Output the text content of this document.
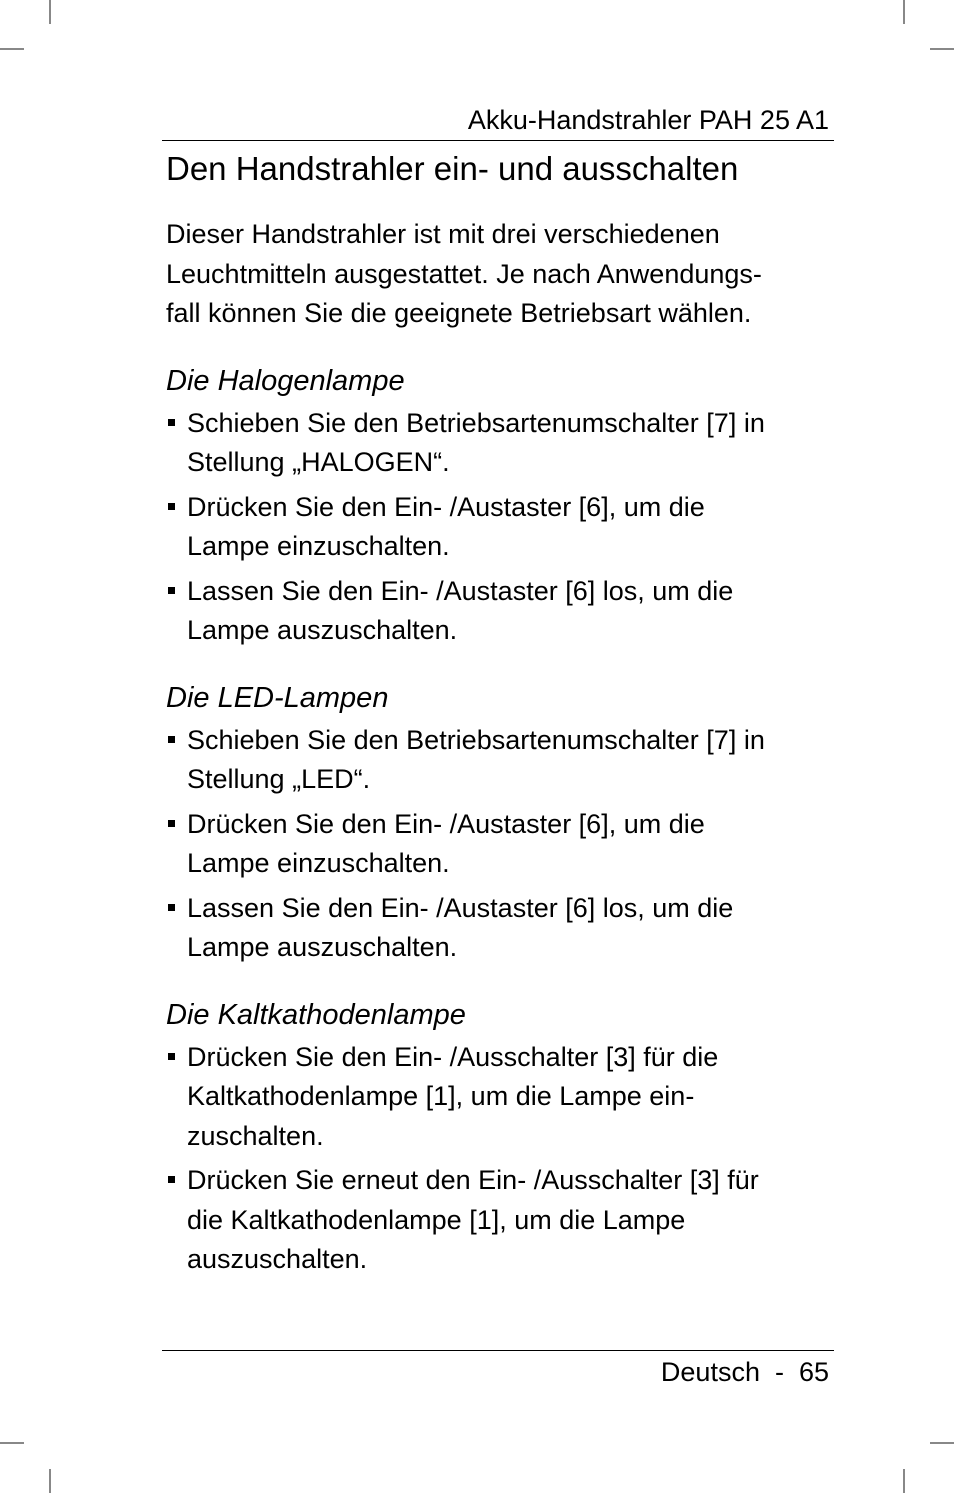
Akku-Handstrahler PAH 25 A1
Den Handstrahler ein- und ausschalten

Dieser Handstrahler ist mit drei verschiedenen
Leuchtmitteln ausgestattet. Je nach Anwendungs-
fall können Sie die geeignete Betriebsart wählen.

Die Halogenlampe
Schieben Sie den Betriebsartenumschalter [7] in
Stellung „HALOGEN“.
Drücken Sie den Ein- /Austaster [6], um die
Lampe einzuschalten.
Lassen Sie den Ein- /Austaster [6] los, um die
Lampe auszuschalten.
Die LED-Lampen
Schieben Sie den Betriebsartenumschalter [7] in
Stellung „LED“.
Drücken Sie den Ein- /Austaster [6], um die
Lampe einzuschalten.
Lassen Sie den Ein- /Austaster [6] los, um die
Lampe auszuschalten.
Die Kaltkathodenlampe
Drücken Sie den Ein- /Ausschalter [3] für die
Kaltkathodenlampe [1], um die Lampe ein-
zuschalten.
Drücken Sie erneut den Ein- /Ausschalter [3] für
die Kaltkathodenlampe [1], um die Lampe
auszuschalten.
Deutsch  -  65
